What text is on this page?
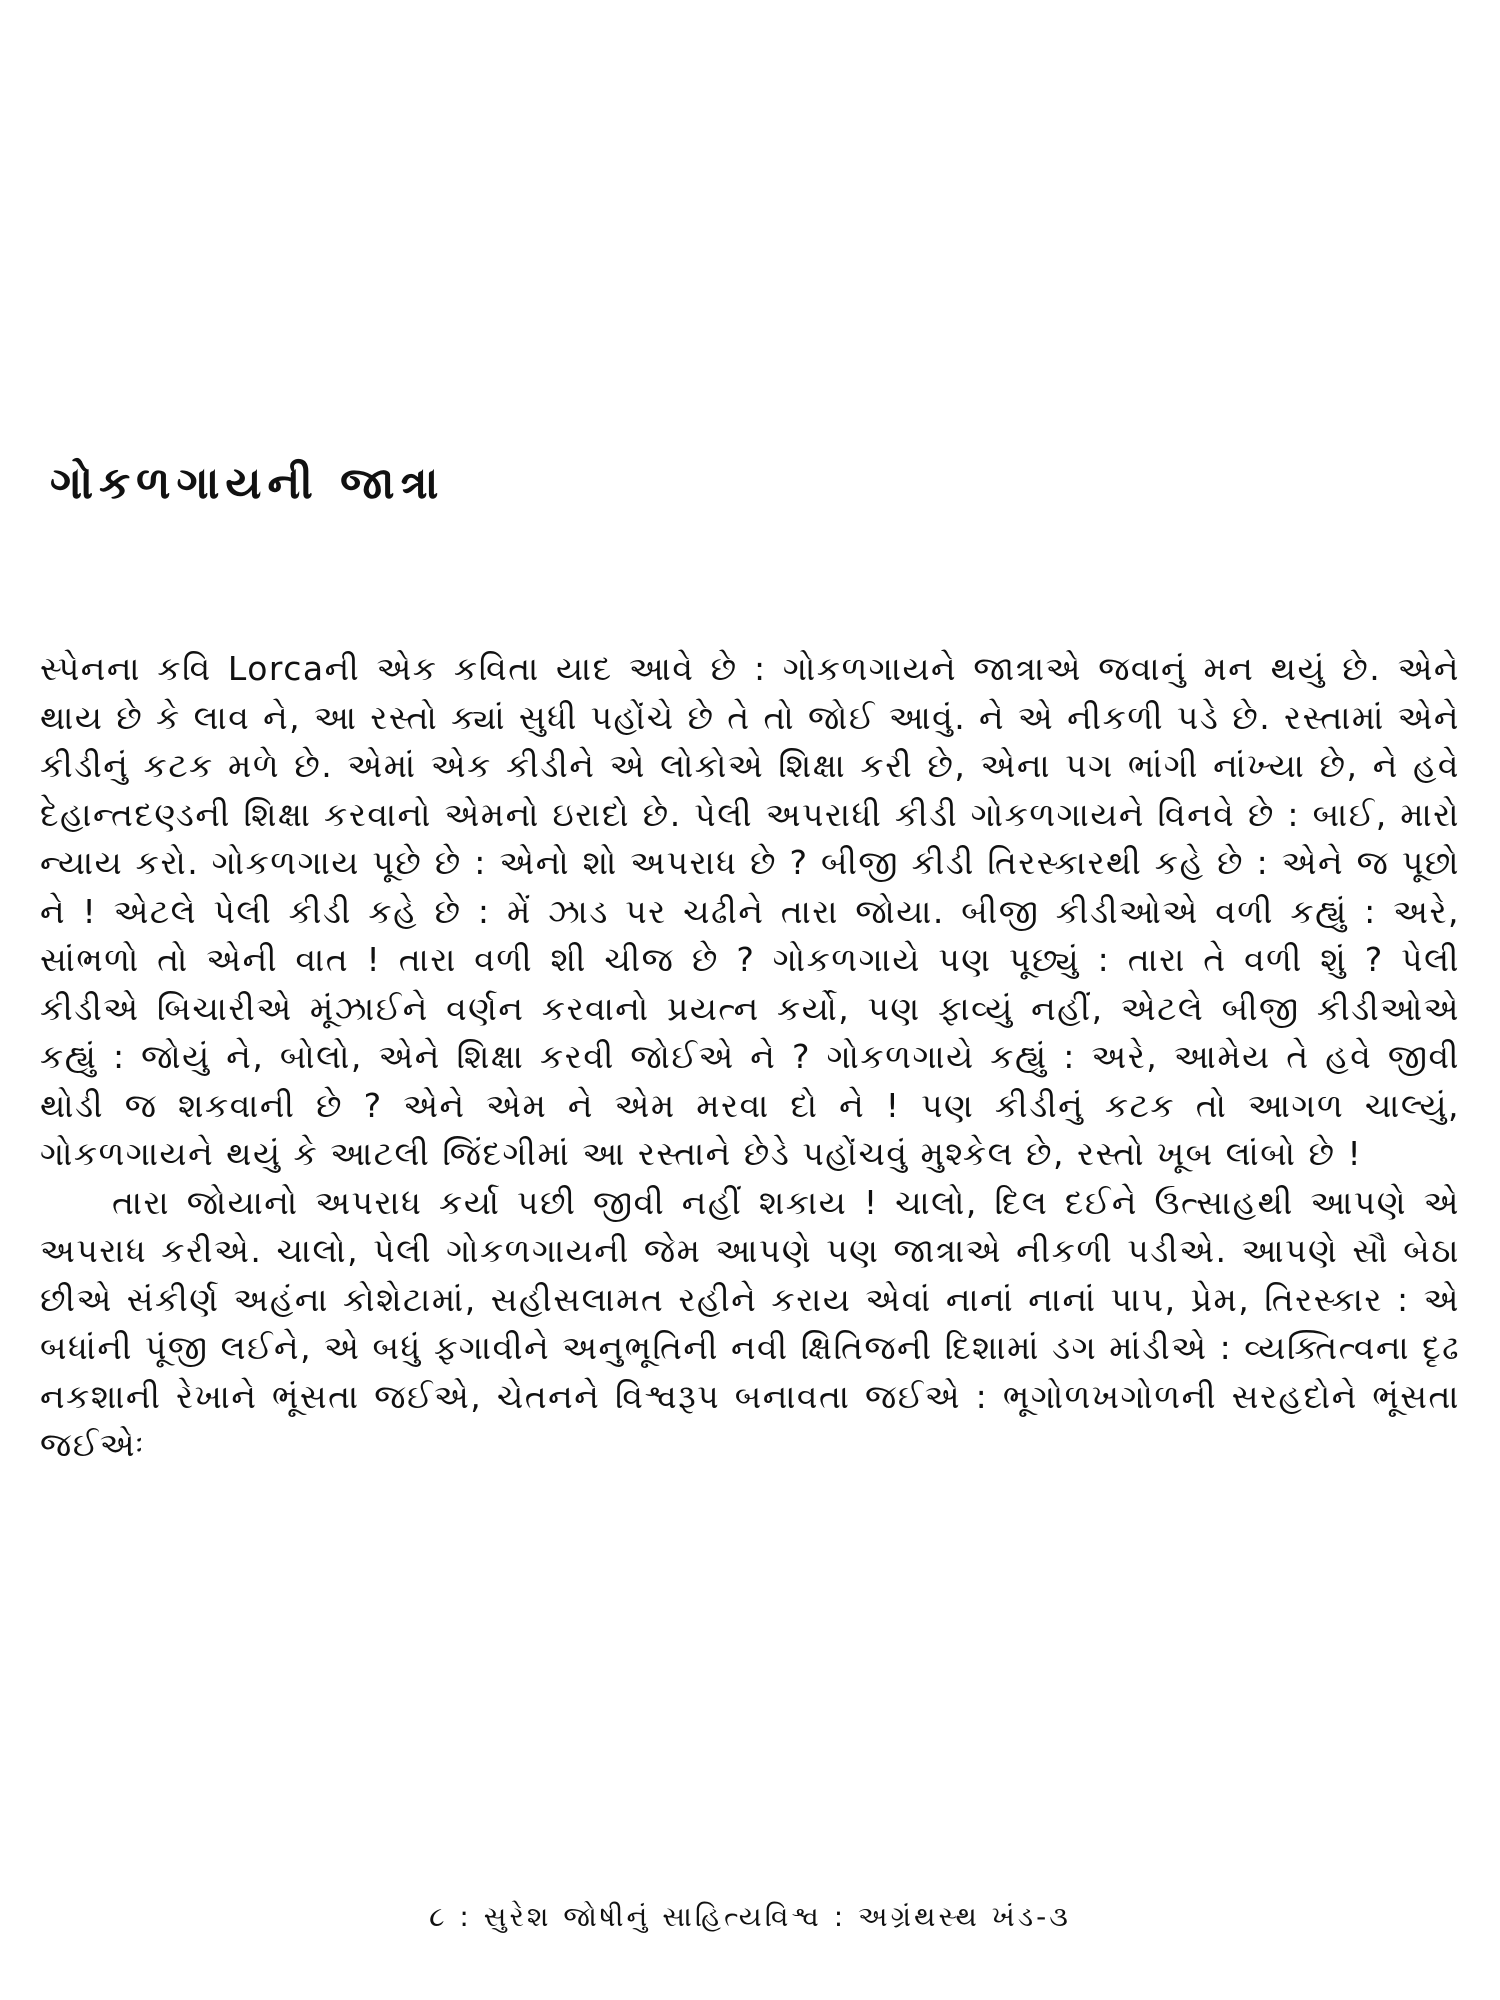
ગોકળગાયની જાત્રા

સ્પેનના કવિ Lorcaની એક કવિતા યાદ આવે છે : ગોકળગાયને જાત્રાએ જવાનું મન થયું છે. એને થાય છે કે લાવ ને, આ રસ્તો ક્યાં સુધી પહોંચે છે તે તો જોઈ આવું. ને એ નીકળી પડે છે. રસ્તામાં એને કીડીનું કટક મળે છે. એમાં એક કીડીને એ લોકોએ શિક્ષા કરી છે, એના પગ ભાંગી નાંખ્યા છે, ને હવે દેહાન્તદણ્ડની શિક્ષા કરવાનો એમનો ઇરાદો છે. પેલી અપરાધી કીડી ગોકળગાયને વિનવે છે : બાઈ, મારો ન્યાય કરો. ગોકળગાય પૂછે છે : એનો શો અપરાધ છે ? બીજી કીડી તિરસ્કારથી કહે છે : એને જ પૂછો ને ! એટલે પેલી કીડી કહે છે : મેં ઝાડ પર ચઢીને તારા જોયા. બીજી કીડીઓએ વળી કહ્યું : અરે, સાંભળો તો એની વાત ! તારા વળી શી ચીજ છે ? ગોકળગાયે પણ પૂછ્યું : તારા તે વળી શું ? પેલી કીડીએ બિચારીએ મૂંઝાઈને વર્ણન કરવાનો પ્રયત્ન કર્યો, પણ ફાવ્યું નહીં, એટલે બીજી કીડીઓએ કહ્યું : જોયું ને, બોલો, એને શિક્ષા કરવી જોઈએ ને ? ગોકળગાયે કહ્યું : અરે, આમેય તે હવે જીવી થોડી જ શકવાની છે ? એને એમ ને એમ મરવા દો ને ! પણ કીડીનું કટક તો આગળ ચાલ્યું, ગોકળગાયને થયું કે આટલી જિંદગીમાં આ રસ્તાને છેડે પહોંચવું મુશ્કેલ છે, રસ્તો ખૂબ લાંબો છે !

તારા જોયાનો અપરાધ કર્યા પછી જીવી નહીં શકાય ! ચાલો, દિલ દઈને ઉત્સાહથી આપણે એ અપરાધ કરીએ. ચાલો, પેલી ગોકળગાયની જેમ આપણે પણ જાત્રાએ નીકળી પડીએ. આપણે સૌ બેઠા છીએ સંકીર્ણ અહંના કોશેટામાં, સહીસલામત રહીને કરાય એવાં નાનાં નાનાં પાપ, પ્રેમ, તિરસ્કાર : એ બધાંની પૂંજી લઈને, એ બધું ફગાવીને અનુભૂતિની નવી ક્ષિતિજની દિશામાં ડગ માંડીએ : વ્યક્તિત્વના દૃઢ નકશાની રેખાને ભૂંસતા જઈએ, ચેતનને વિશ્વરૂપ બનાવતા જઈએ : ભૂગોળખગોળની સરહદોને ભૂંસતા જઈએઃ

૮ : સુરેશ જોષીનું સાહિત્યવિશ્વ : અગ્રંથસ્થ ખંડ-૩
